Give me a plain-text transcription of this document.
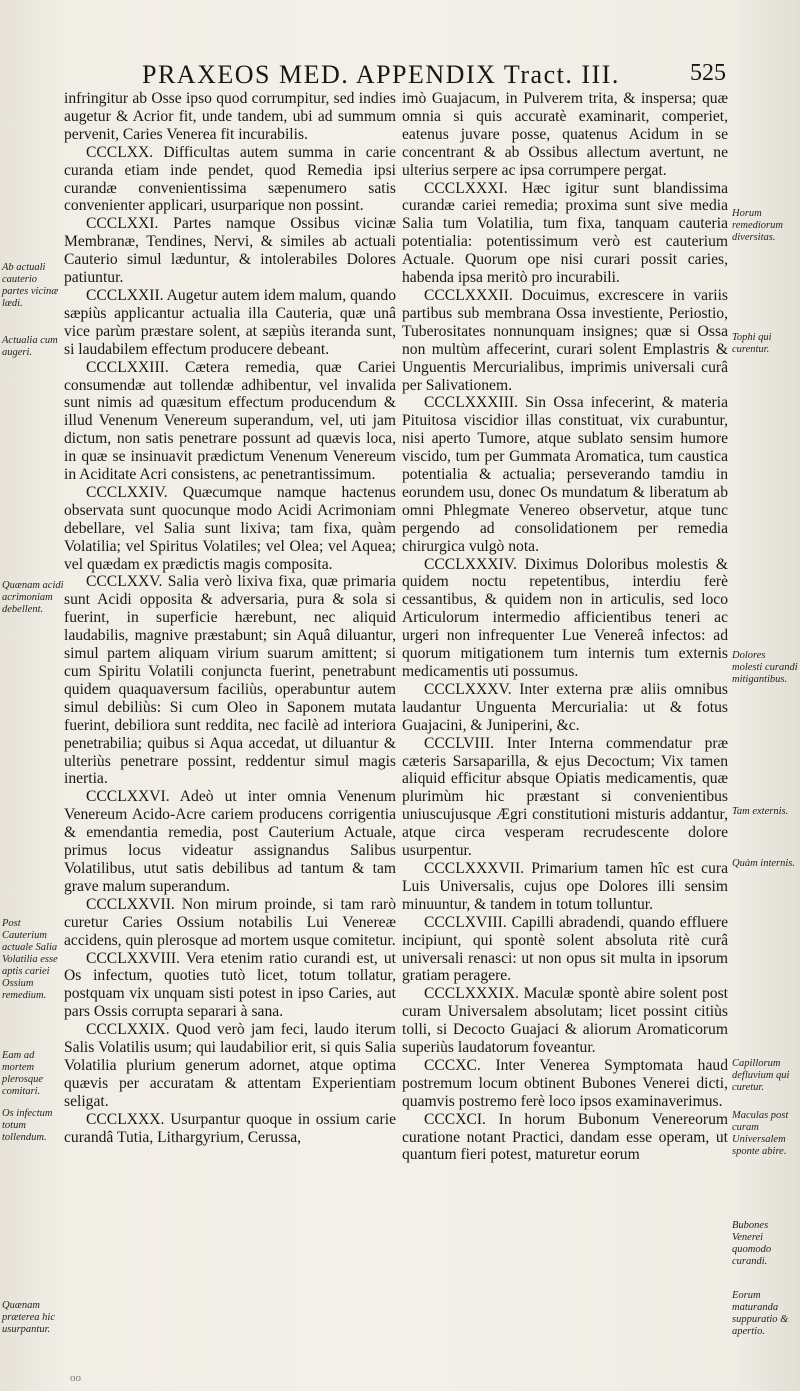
PRAXEOS MED. APPENDIX Tract. III.	525

infringitur ab Osse ipso quod corrumpitur, sed indies augetur & Acrior fit, unde tandem, ubi ad summum pervenit, Caries Venerea fit incurabilis.

CCCLXX. Difficultas autem summa in carie curanda etiam inde pendet, quod Remedia ipsi curandæ convenientissima sæpenumero satis convenienter applicari, usurparique non possint.

CCCLXXI. Partes namque Ossibus vicinæ Membranæ, Tendines, Nervi, & similes ab actuali Cauterio simul læduntur, & intolerabiles Dolores patiuntur.

CCCLXXII. Augetur autem idem malum, quando sæpiùs applicantur actualia illa Cauteria, quæ unâ vice parùm præstare solent, at sæpiùs iteranda sunt, si laudabilem effectum producere debeant.

CCCLXXIII. Cætera remedia, quæ Cariei consumendæ aut tollendæ adhibentur, vel invalida sunt nimis ad quæsitum effectum producendum & illud Venenum Venereum superandum, vel, uti jam dictum, non satis penetrare possunt ad quævis loca, in quæ se insinuavit prædictum Venenum Venereum in Aciditate Acri consistens, ac penetrantissimum.

CCCLXXIV. Quæcumque namque hactenus observata sunt quocunque modo Acidi Acrimoniam debellare, vel Salia sunt lixiva; tam fixa, quàm Volatilia; vel Spiritus Volatiles; vel Olea; vel Aquea; vel quædam ex prædictis magis composita.

CCCLXXV. Salia verò lixiva fixa, quæ primaria sunt Acidi opposita & adversaria, pura & sola si fuerint, in superficie hærebunt, nec aliquid laudabilis, magnive præstabunt; sin Aquâ diluantur, simul partem aliquam virium suarum amittent; si cum Spiritu Volatili conjuncta fuerint, penetrabunt quidem quaquaversum faciliùs, operabuntur autem simul debiliùs: Si cum Oleo in Saponem mutata fuerint, debiliora sunt reddita, nec facilè ad interiora penetrabilia; quibus si Aqua accedat, ut diluantur & ulteriùs penetrare possint, reddentur simul magis inertia.

CCCLXXVI. Adeò ut inter omnia Venenum Venereum Acido-Acre cariem producens corrigentia & emendantia remedia, post Cauterium Actuale, primus locus videatur assignandus Salibus Volatilibus, utut satis debilibus ad tantum & tam grave malum superandum.

CCCLXXVII. Non mirum proinde, si tam rarò curetur Caries Ossium notabilis Lui Venereæ accidens, quin plerosque ad mortem usque comitetur.

CCCLXXVIII. Vera etenim ratio curandi est, ut Os infectum, quoties tutò licet, totum tollatur, postquam vix unquam sisti potest in ipso Caries, aut pars Ossis corrupta separari à sana.

CCCLXXIX. Quod verò jam feci, laudo iterum Salis Volatilis usum; qui laudabilior erit, si quis Salia Volatilia plurium generum adornet, atque optima quævis per accuratam & attentam Experientiam seligat.

CCCLXXX. Usurpantur quoque in ossium carie curandâ Tutia, Lithargyrium, Cerussa,

imò Guajacum, in Pulverem trita, & inspersa; quæ omnia si quis accuratè examinarit, comperiet, eatenus juvare posse, quatenus Acidum in se concentrant & ab Ossibus allectum avertunt, ne ulterius serpere ac ipsa corrumpere pergat.

CCCLXXXI. Hæc igitur sunt blandissima curandæ cariei remedia; proxima sunt sive media Salia tum Volatilia, tum fixa, tanquam cauteria potentialia: potentissimum verò est cauterium Actuale. Quorum ope nisi curari possit caries, habenda ipsa meritò pro incurabili.

CCCLXXXII. Docuimus, excrescere in variis partibus sub membrana Ossa investiente, Periostio, Tuberositates nonnunquam insignes; quæ si Ossa non multùm affecerint, curari solent Emplastris & Unguentis Mercurialibus, imprimis universali curâ per Salivationem.

CCCLXXXIII. Sin Ossa infecerint, & materia Pituitosa viscidior illas constituat, vix curabuntur, nisi aperto Tumore, atque sublato sensim humore viscido, tum per Gummata Aromatica, tum caustica potentialia & actualia; perseverando tamdiu in eorundem usu, donec Os mundatum & liberatum ab omni Phlegmate Venereo observetur, atque tunc pergendo ad consolidationem per remedia chirurgica vulgò nota.

CCCLXXXIV. Diximus Doloribus molestis & quidem noctu repetentibus, interdiu ferè cessantibus, & quidem non in articulis, sed loco Articulorum intermedio afficientibus teneri ac urgeri non infrequenter Lue Venereâ infectos: ad quorum mitigationem tum internis tum externis medicamentis uti possumus.

CCCLXXXV. Inter externa præ aliis omnibus laudantur Unguenta Mercurialia: ut & fotus Guajacini, & Juniperini, &c.

CCCLVIII. Inter Interna commendatur præ cæteris Sarsaparilla, & ejus Decoctum; Vix tamen aliquid efficitur absque Opiatis medicamentis, quæ plurimùm hic præstant si convenientibus uniuscujusque Ægri constitutioni misturis addantur, atque circa vesperam recrudescente dolore usurpentur.

CCCLXXXVII. Primarium tamen hîc est cura Luis Universalis, cujus ope Dolores illi sensim minuuntur, & tandem in totum tolluntur.

CCCLXVIII. Capilli abradendi, quando effluere incipiunt, qui spontè solent absoluta ritè curâ universali renasci: ut non opus sit multa in ipsorum gratiam peragere.

CCCLXXXIX. Maculæ spontè abire solent post curam Universalem absolutam; licet possint citiùs tolli, si Decocto Guajaci & aliorum Aromaticorum superiùs laudatorum foveantur.

CCCXC. Inter Venerea Symptomata haud postremum locum obtinent Bubones Venerei dicti, quamvis postremo ferè loco ipsos examinaverimus.

CCCXCI. In horum Bubonum Venereorum curatione notant Practici, dandam esse operam, ut quantum fieri potest, maturetur eorum

Ab actuali cauterio partes vicinæ lædi.
Actualia cum augeri.
Quænam acidi acrimoniam debellent.
Post Cauterium actuale Salia Volatilia esse aptis cariei Ossium remedium.
Eam ad mortem plerosque comitari.
Os infectum totum tollendum.
Quænam præterea hic usurpantur.
Horum remediorum diversitas.
Tophi qui curentur.
Dolores molesti curandi mitigantibus.
Tam externis.
Quàm internis.
Capillorum defluvium qui curetur.
Maculas post curam Universalem sponte abire.
Bubones Venerei quomodo curandi.
Eorum maturanda suppuratio & apertio.
oo
